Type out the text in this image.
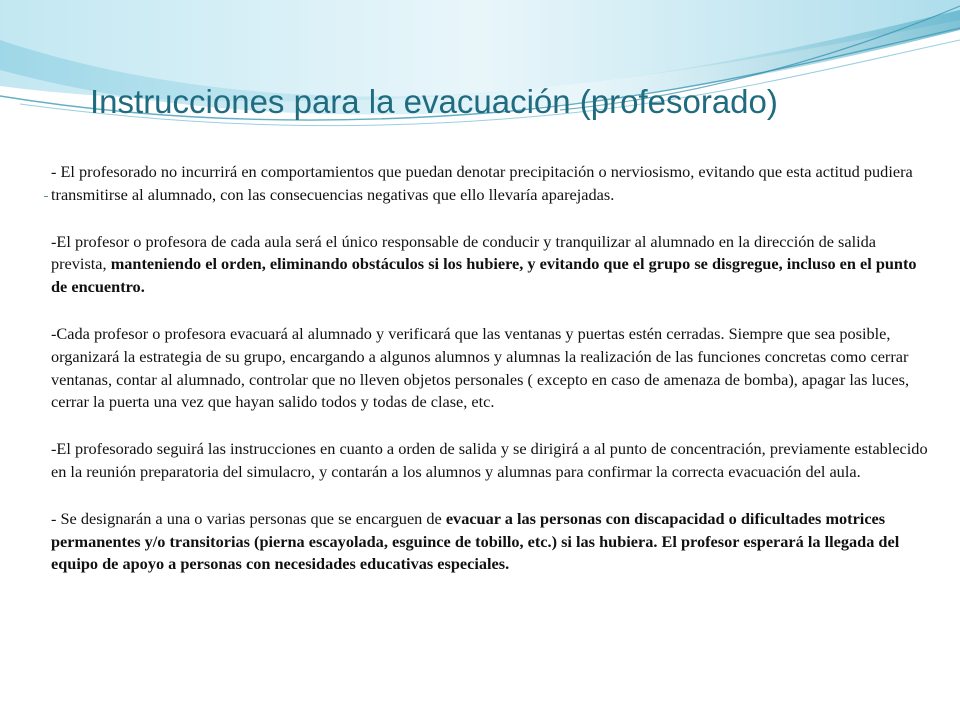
Instrucciones para la evacuación (profesorado)

- El profesorado no incurrirá en comportamientos que puedan denotar precipitación o nerviosismo, evitando que esta actitud pudiera transmitirse al alumnado, con las consecuencias negativas que ello llevaría aparejadas.

-El profesor o profesora de cada aula será el único responsable de conducir y tranquilizar al alumnado en la dirección de salida prevista, manteniendo el orden, eliminando obstáculos si los hubiere, y evitando que el grupo se disgregue, incluso en el punto de encuentro.

-Cada profesor o profesora evacuará al alumnado y verificará que las ventanas y puertas estén cerradas. Siempre que sea posible, organizará la estrategia de su grupo, encargando a algunos alumnos y alumnas la realización de las funciones concretas como cerrar ventanas, contar al alumnado, controlar que no lleven objetos personales ( excepto en caso de amenaza de bomba), apagar las luces, cerrar la puerta una vez que hayan salido todos y todas de clase, etc.

-El profesorado seguirá las instrucciones en cuanto a orden de salida y se dirigirá a al punto de concentración, previamente establecido en la reunión preparatoria del simulacro, y contarán a los alumnos y alumnas para confirmar la correcta evacuación del aula.

- Se designarán a una o varias personas que se encarguen de evacuar a las personas con discapacidad o dificultades motrices permanentes y/o transitorias (pierna escayolada, esguince de tobillo, etc.) si las hubiera. El profesor esperará la llegada del equipo de apoyo a personas con necesidades educativas especiales.
